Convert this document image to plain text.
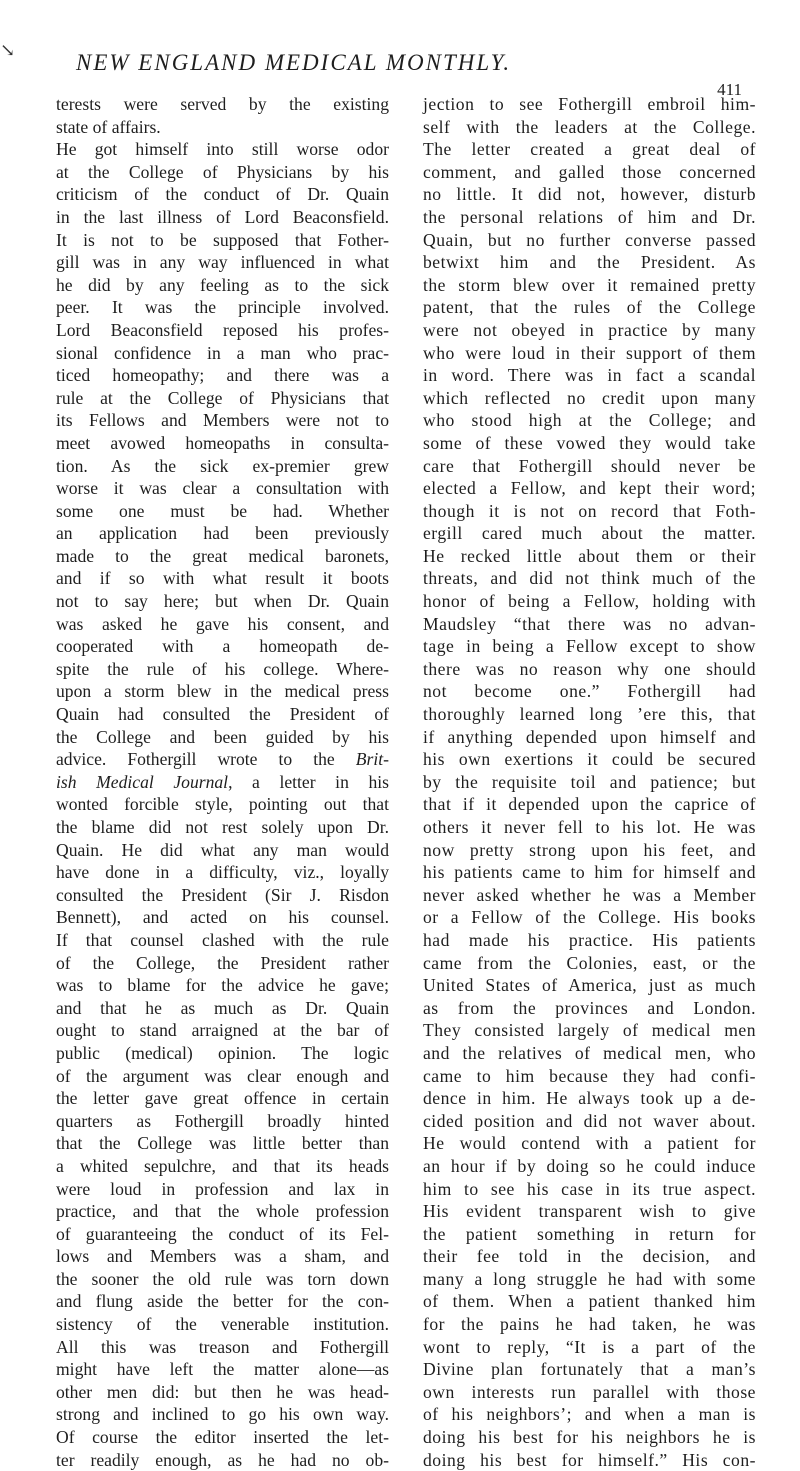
↘	NEW ENGLAND MEDICAL MONTHLY.
411
terests were served by the existing
state of affairs.
He got himself into still worse odor
at the College of Physicians by his
criticism of the conduct of Dr. Quain
in the last illness of Lord Beaconsfield.
It is not to be supposed that Fother-
gill was in any way influenced in what
he did by any feeling as to the sick
peer. It was the principle involved.
Lord Beaconsfield reposed his profes-
sional confidence in a man who prac-
ticed homeopathy; and there was a
rule at the College of Physicians that
its Fellows and Members were not to
meet avowed homeopaths in consulta-
tion. As the sick ex-premier grew
worse it was clear a consultation with
some one must be had. Whether
an application had been previously
made to the great medical baronets,
and if so with what result it boots
not to say here; but when Dr. Quain
was asked he gave his consent, and
cooperated with a homeopath de-
spite the rule of his college. Where-
upon a storm blew in the medical press
Quain had consulted the President of
the College and been guided by his
advice. Fothergill wrote to the Brit-
ish Medical Journal, a letter in his
wonted forcible style, pointing out that
the blame did not rest solely upon Dr.
Quain. He did what any man would
have done in a difficulty, viz., loyally
consulted the President (Sir J. Risdon
Bennett), and acted on his counsel.
If that counsel clashed with the rule
of the College, the President rather
was to blame for the advice he gave;
and that he as much as Dr. Quain
ought to stand arraigned at the bar of
public (medical) opinion. The logic
of the argument was clear enough and
the letter gave great offence in certain
quarters as Fothergill broadly hinted
that the College was little better than
a whited sepulchre, and that its heads
were loud in profession and lax in
practice, and that the whole profession
of guaranteeing the conduct of its Fel-
lows and Members was a sham, and
the sooner the old rule was torn down
and flung aside the better for the con-
sistency of the venerable institution.
All this was treason and Fothergill
might have left the matter alone—as
other men did: but then he was head-
strong and inclined to go his own way.
Of course the editor inserted the let-
ter readily enough, as he had no ob-
jection to see Fothergill embroil him-
self with the leaders at the College.
The letter created a great deal of
comment, and galled those concerned
no little. It did not, however, disturb
the personal relations of him and Dr.
Quain, but no further converse passed
betwixt him and the President. As
the storm blew over it remained pretty
patent, that the rules of the College
were not obeyed in practice by many
who were loud in their support of them
in word. There was in fact a scandal
which reflected no credit upon many
who stood high at the College; and
some of these vowed they would take
care that Fothergill should never be
elected a Fellow, and kept their word;
though it is not on record that Foth-
ergill cared much about the matter.
He recked little about them or their
threats, and did not think much of the
honor of being a Fellow, holding with
Maudsley “that there was no advan-
tage in being a Fellow except to show
there was no reason why one should
not become one.” Fothergill had
thoroughly learned long ’ere this, that
if anything depended upon himself and
his own exertions it could be secured
by the requisite toil and patience; but
that if it depended upon the caprice of
others it never fell to his lot. He was
now pretty strong upon his feet, and
his patients came to him for himself and
never asked whether he was a Member
or a Fellow of the College. His books
had made his practice. His patients
came from the Colonies, east, or the
United States of America, just as much
as from the provinces and London.
They consisted largely of medical men
and the relatives of medical men, who
came to him because they had confi-
dence in him. He always took up a de-
cided position and did not waver about.
He would contend with a patient for
an hour if by doing so he could induce
him to see his case in its true aspect.
His evident transparent wish to give
the patient something in return for
their fee told in the decision, and
many a long struggle he had with some
of them. When a patient thanked him
for the pains he had taken, he was
wont to reply, “It is a part of the
Divine plan fortunately that a man’s
own interests run parallel with those
of his neighbors’; and when a man is
doing his best for his neighbors he is
doing his best for himself.” His con-
